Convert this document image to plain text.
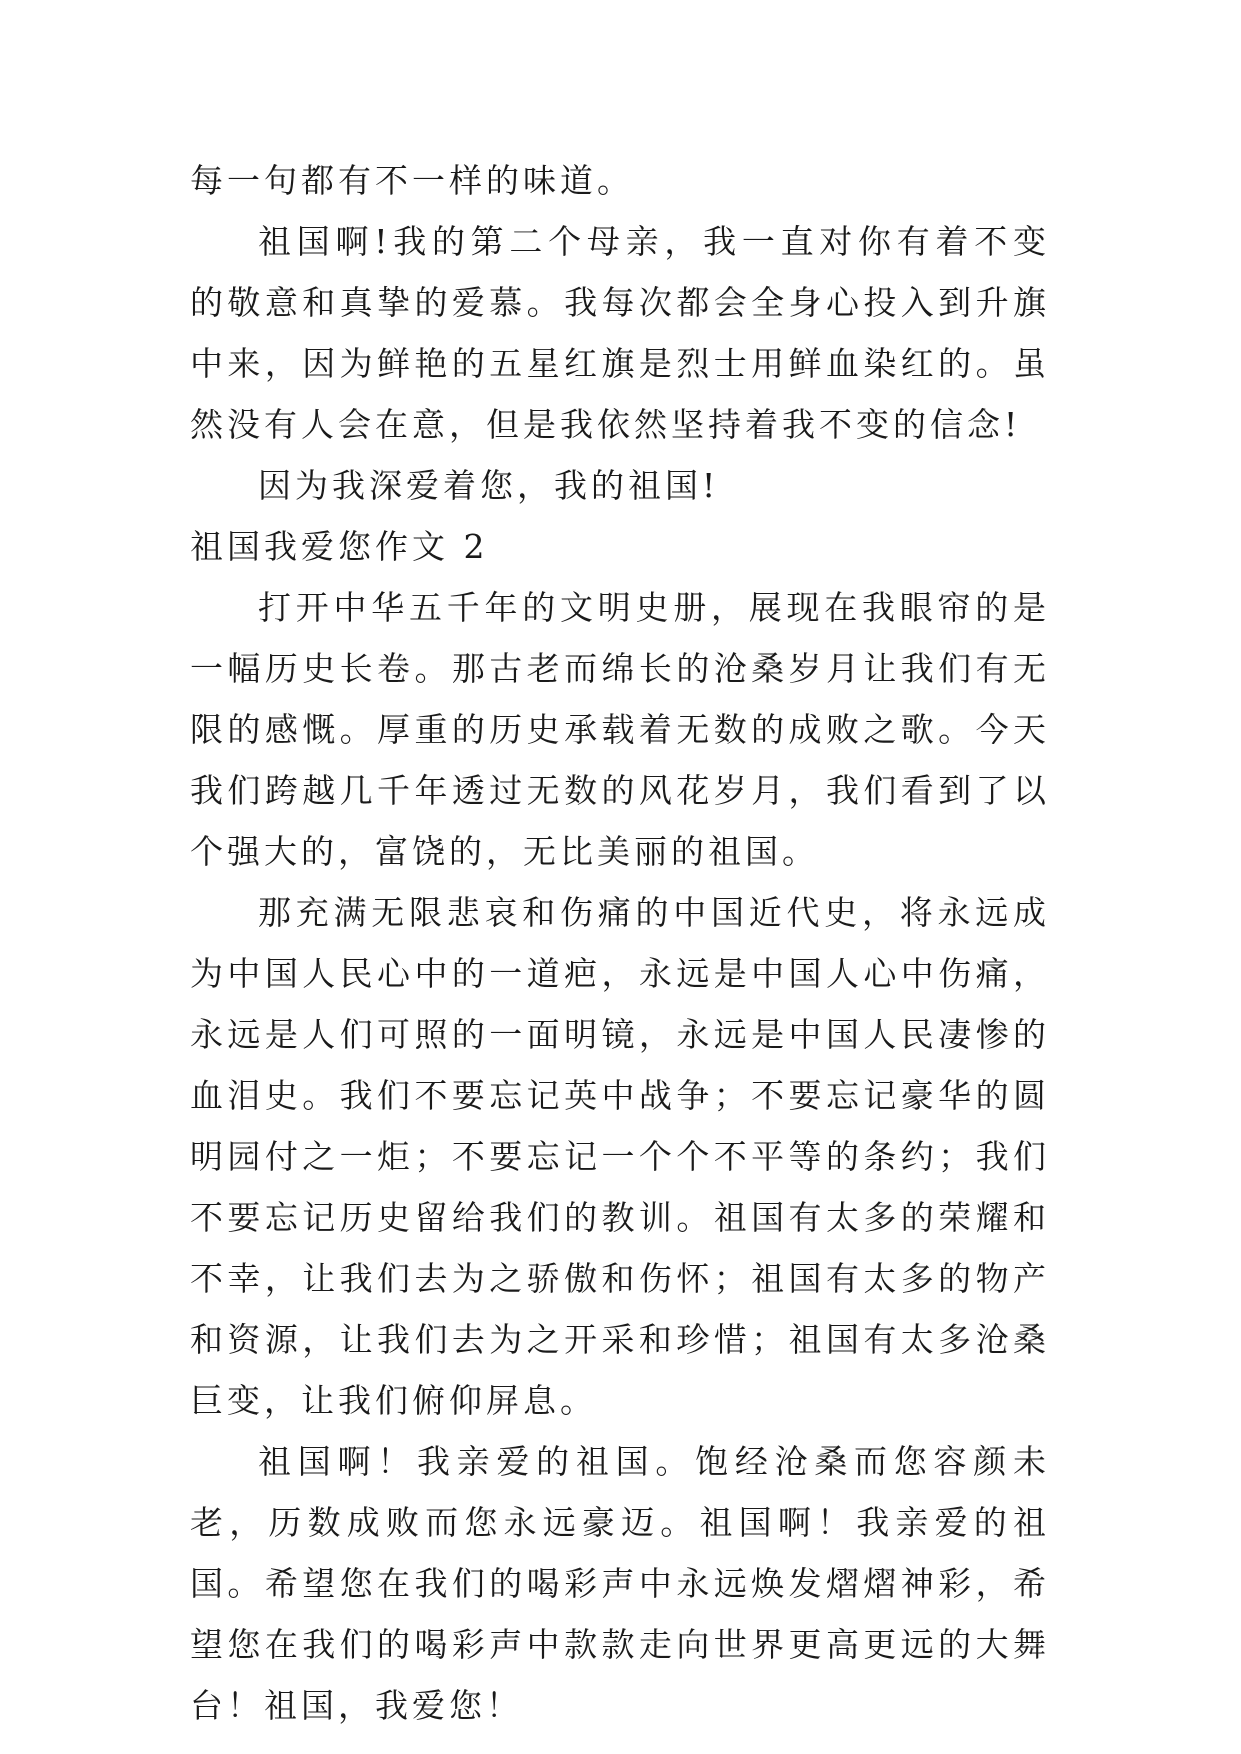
每一句都有不一样的味道。

祖国啊!我的第二个母亲，我一直对你有着不变的敬意和真挚的爱慕。我每次都会全身心投入到升旗中来，因为鲜艳的五星红旗是烈士用鲜血染红的。虽然没有人会在意，但是我依然坚持着我不变的信念!

因为我深爱着您，我的祖国!

祖国我爱您作文 2

打开中华五千年的文明史册，展现在我眼帘的是一幅历史长卷。那古老而绵长的沧桑岁月让我们有无限的感慨。厚重的历史承载着无数的成败之歌。今天我们跨越几千年透过无数的风花岁月，我们看到了以个强大的，富饶的，无比美丽的祖国。

那充满无限悲哀和伤痛的中国近代史，将永远成为中国人民心中的一道疤，永远是中国人心中伤痛，永远是人们可照的一面明镜，永远是中国人民凄惨的血泪史。我们不要忘记英中战争；不要忘记豪华的圆明园付之一炬；不要忘记一个个不平等的条约；我们不要忘记历史留给我们的教训。祖国有太多的荣耀和不幸，让我们去为之骄傲和伤怀；祖国有太多的物产和资源，让我们去为之开采和珍惜；祖国有太多沧桑巨变，让我们俯仰屏息。

祖国啊！我亲爱的祖国。饱经沧桑而您容颜未老，历数成败而您永远豪迈。祖国啊！我亲爱的祖国。希望您在我们的喝彩声中永远焕发熠熠神彩，希望您在我们的喝彩声中款款走向世界更高更远的大舞台！祖国，我爱您！
